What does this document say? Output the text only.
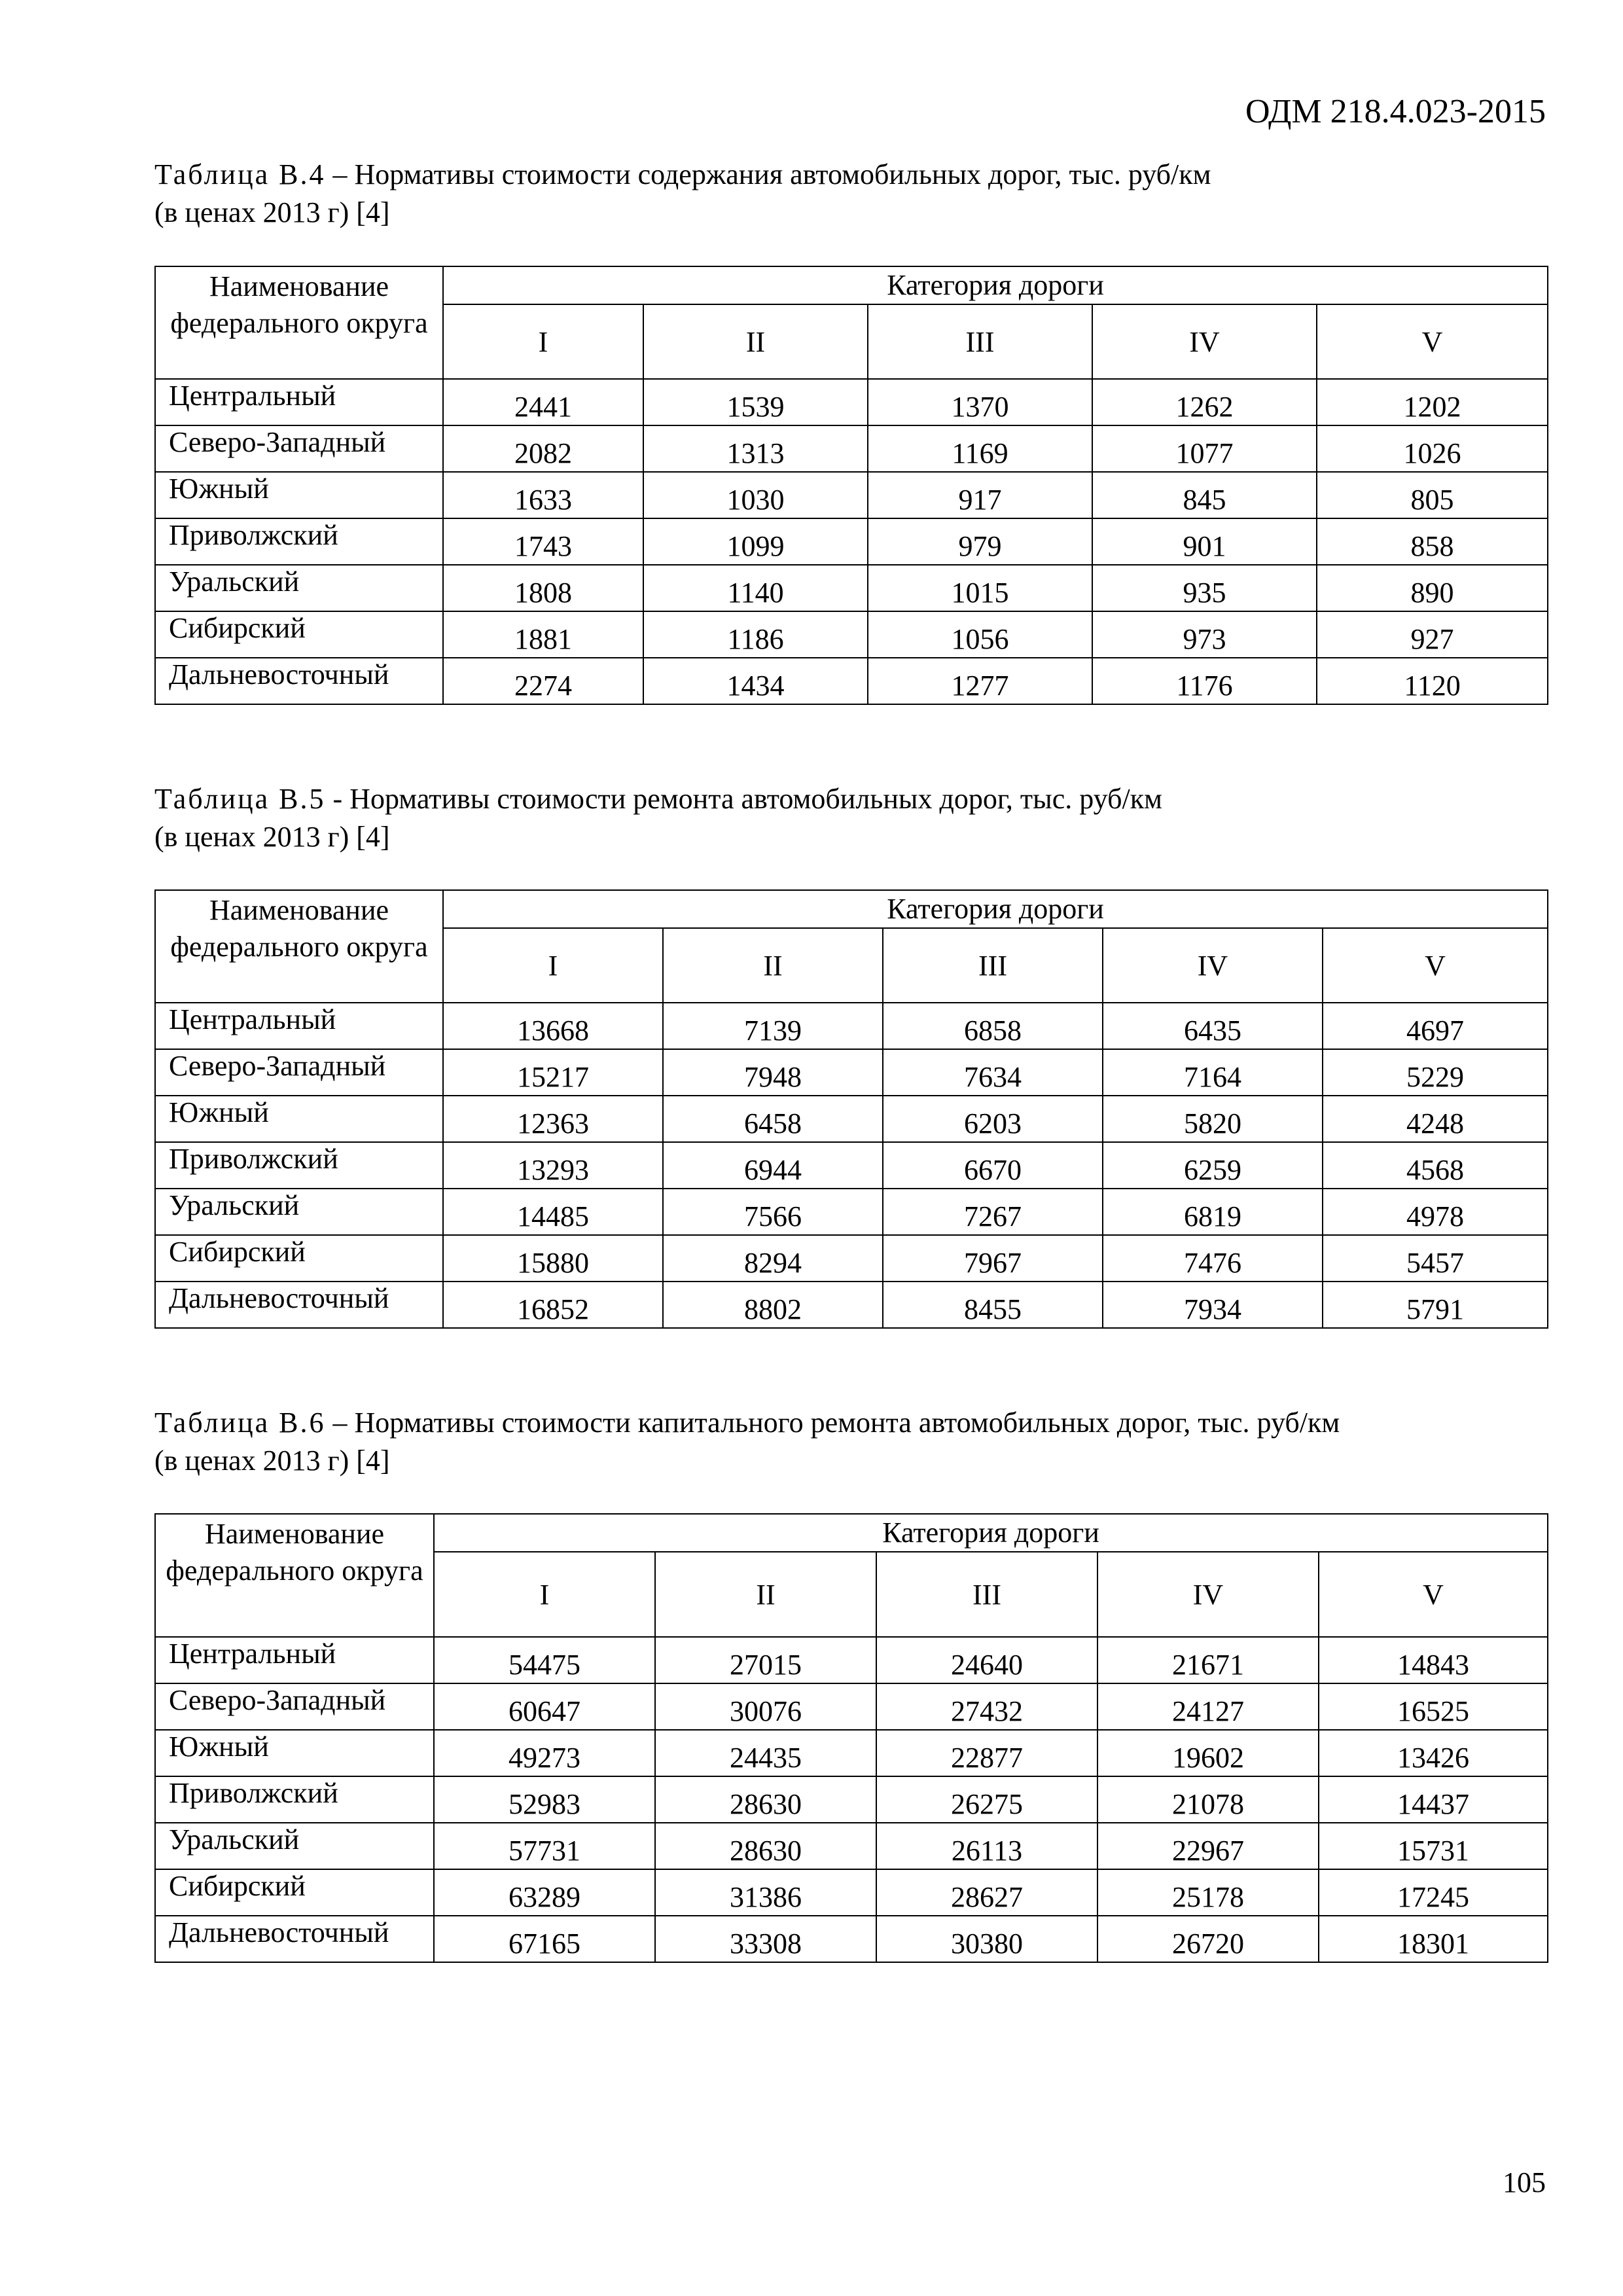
ОДМ 218.4.023-2015
Таблица В.4 – Нормативы стоимости содержания автомобильных дорог, тыс. руб/км
(в ценах 2013 г) [4]
Наименование федерального округа	Категория дороги				
	I	II	III	IV	V
Центральный	2441	1539	1370	1262	1202
Северо-Западный	2082	1313	1169	1077	1026
Южный	1633	1030	917	845	805
Приволжский	1743	1099	979	901	858
Уральский	1808	1140	1015	935	890
Сибирский	1881	1186	1056	973	927
Дальневосточный	2274	1434	1277	1176	1120
Таблица В.5 - Нормативы стоимости ремонта автомобильных дорог, тыс. руб/км
(в ценах 2013 г) [4]
Наименование федерального округа	Категория дороги				
	I	II	III	IV	V
Центральный	13668	7139	6858	6435	4697
Северо-Западный	15217	7948	7634	7164	5229
Южный	12363	6458	6203	5820	4248
Приволжский	13293	6944	6670	6259	4568
Уральский	14485	7566	7267	6819	4978
Сибирский	15880	8294	7967	7476	5457
Дальневосточный	16852	8802	8455	7934	5791
Таблица В.6 – Нормативы стоимости капитального ремонта автомобильных дорог, тыс. руб/км
(в ценах 2013 г) [4]
Наименование федерального округа	Категория дороги				
	I	II	III	IV	V
Центральный	54475	27015	24640	21671	14843
Северо-Западный	60647	30076	27432	24127	16525
Южный	49273	24435	22877	19602	13426
Приволжский	52983	28630	26275	21078	14437
Уральский	57731	28630	26113	22967	15731
Сибирский	63289	31386	28627	25178	17245
Дальневосточный	67165	33308	30380	26720	18301
105
